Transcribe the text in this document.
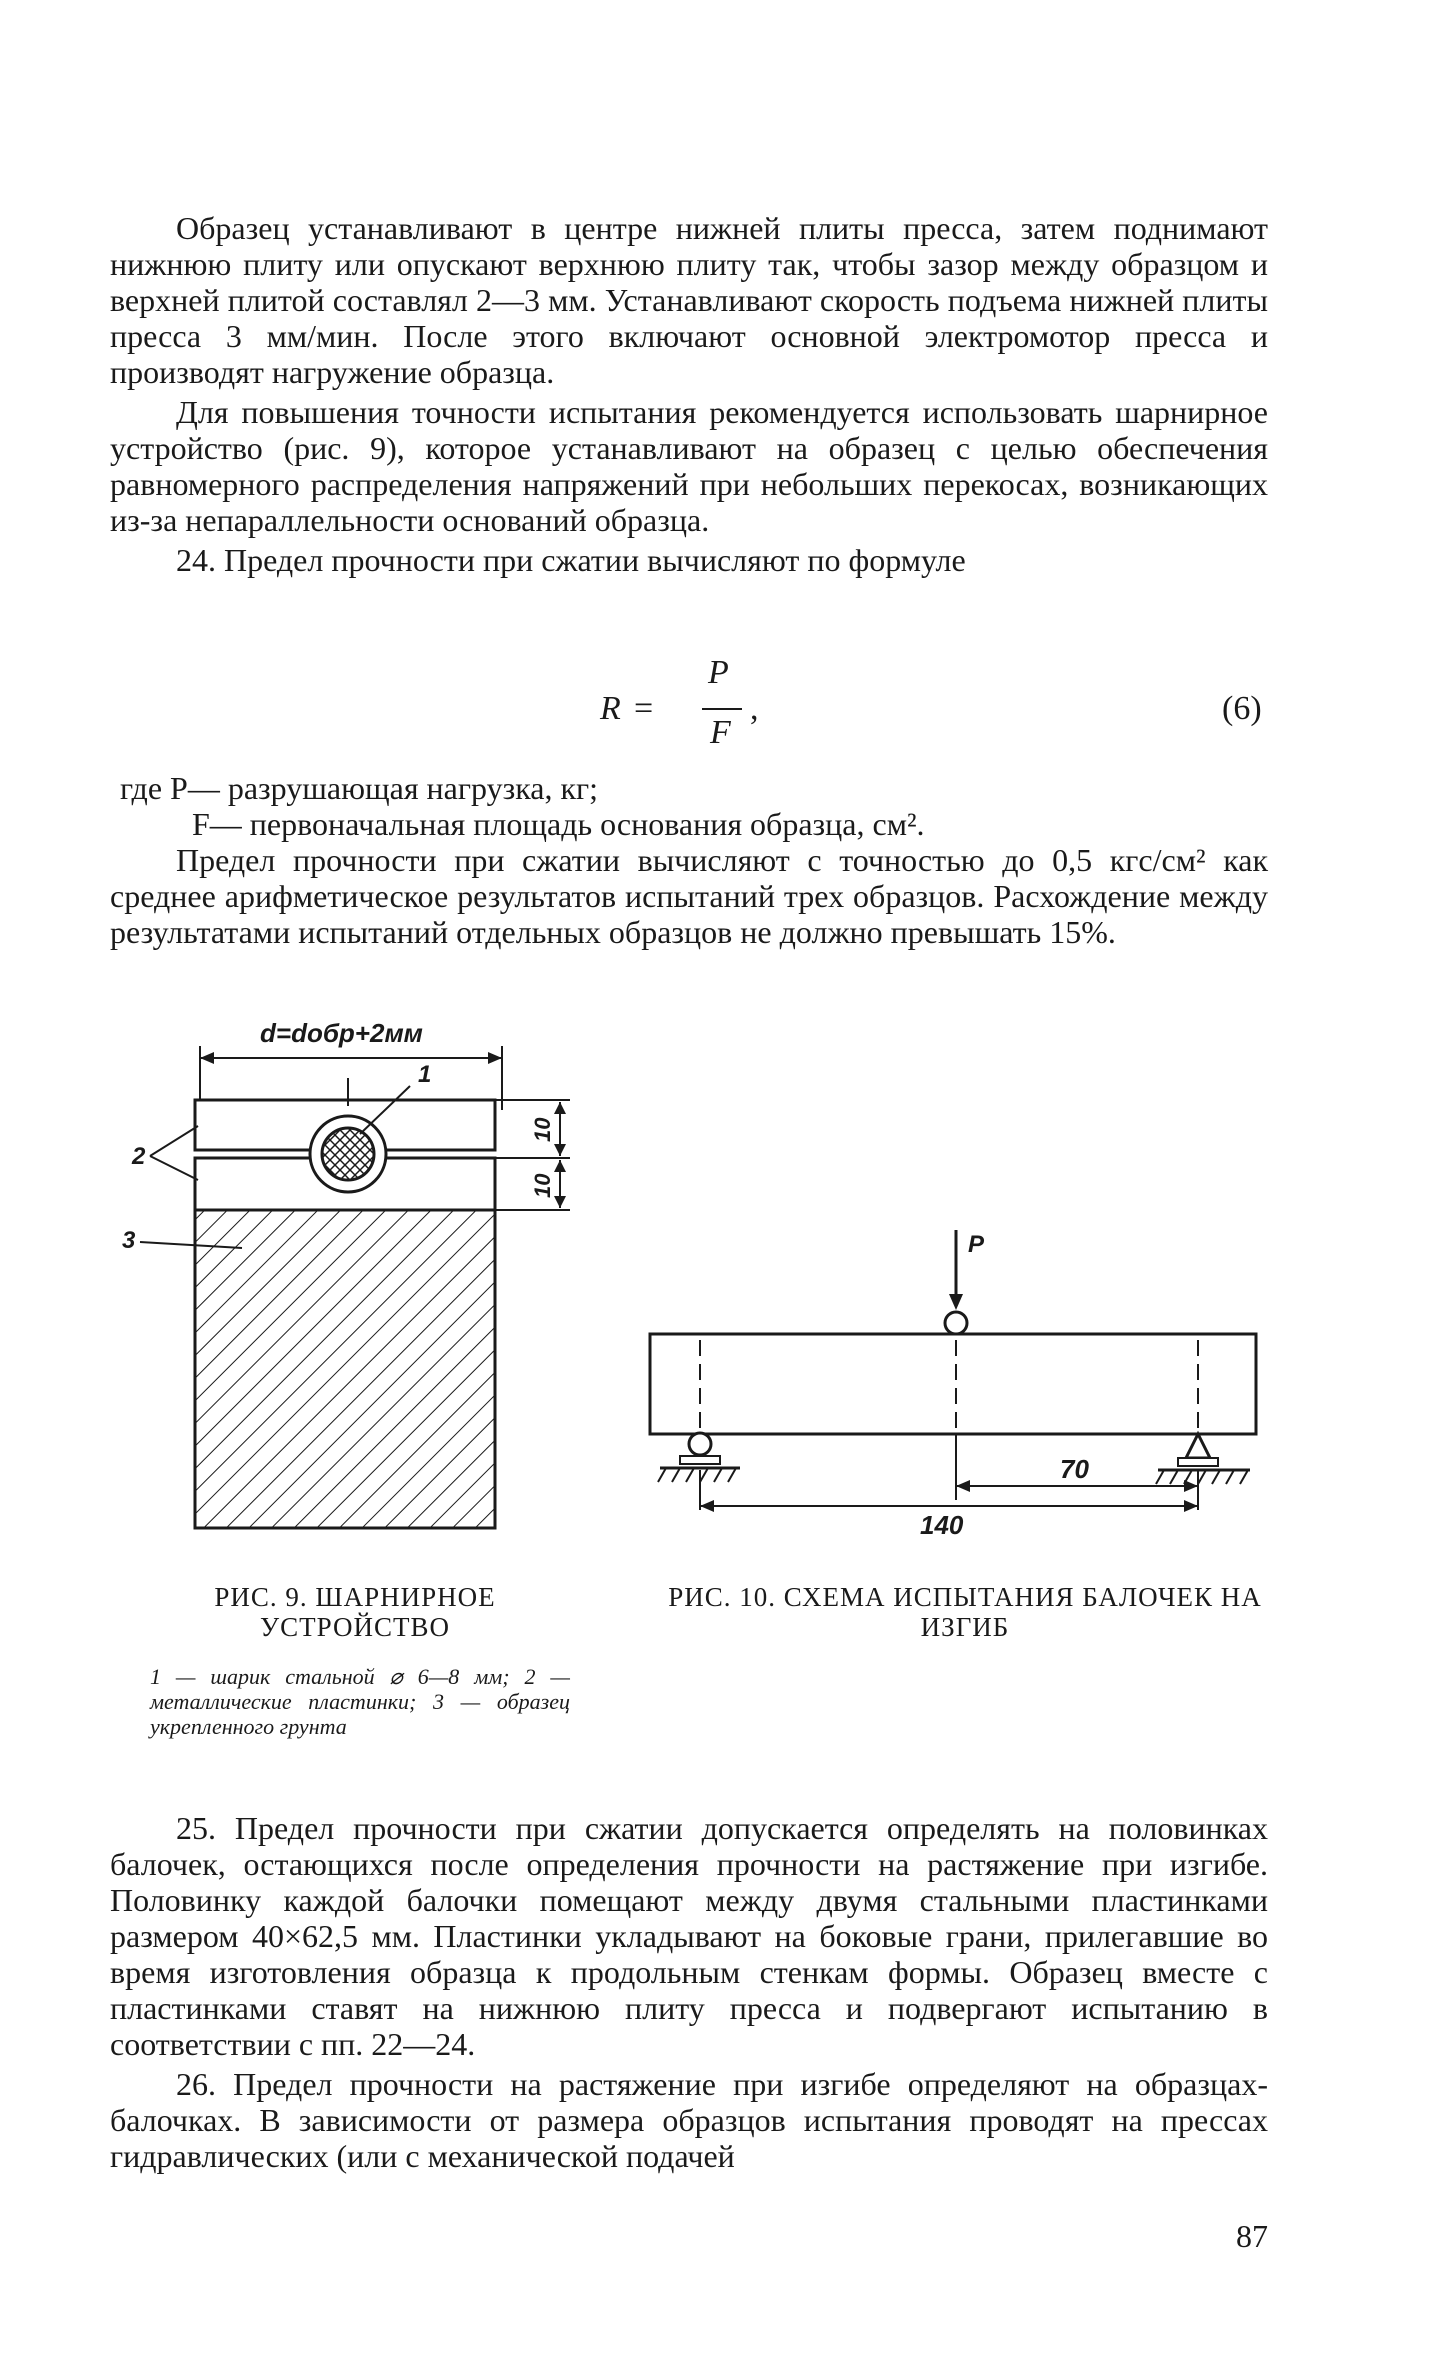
Образец устанавливают в центре нижней плиты пресса, затем поднимают нижнюю плиту или опускают верхнюю плиту так, чтобы зазор между образцом и верхней плитой составлял 2—3 мм. Устанавливают скорость подъема нижней плиты пресса 3 мм/мин. После этого включают основной электромотор пресса и производят нагружение образца.

Для повышения точности испытания рекомендуется использовать шарнирное устройство (рис. 9), которое устанавливают на образец с целью обеспечения равномерного распределения напряжений при небольших перекосах, возникающих из-за непараллельности оснований образца.

24. Предел прочности при сжатии вычисляют по формуле

R =
P
F
,	(6)
где P— разрушающая нагрузка, кг;
F— первоначальная площадь основания образца, см².

Предел прочности при сжатии вычисляют с точностью до 0,5 кгс/см² как среднее арифметическое результатов испытаний трех образцов. Расхождение между результатами испытаний отдельных образцов не должно превышать 15%.

d=dобр+2мм
1
2
3
10
10
P
70
140
РИС. 9. ШАРНИРНОЕ УСТРОЙСТВО
1 — шарик стальной ⌀ 6—8 мм; 2 — металлические пластинки; 3 — образец укрепленного грунта
РИС. 10. СХЕМА ИСПЫТАНИЯ БАЛОЧЕК НА ИЗГИБ

25. Предел прочности при сжатии допускается определять на половинках балочек, остающихся после определения прочности на растяжение при изгибе. Половинку каждой балочки помещают между двумя стальными пластинками размером 40×62,5 мм. Пластинки укладывают на боковые грани, прилегавшие во время изготовления образца к продольным стенкам формы. Образец вместе с пластинками ставят на нижнюю плиту пресса и подвергают испытанию в соответствии с пп. 22—24.

26. Предел прочности на растяжение при изгибе определяют на образцах-балочках. В зависимости от размера образцов испытания проводят на прессах гидравлических (или с механической подачей

87
